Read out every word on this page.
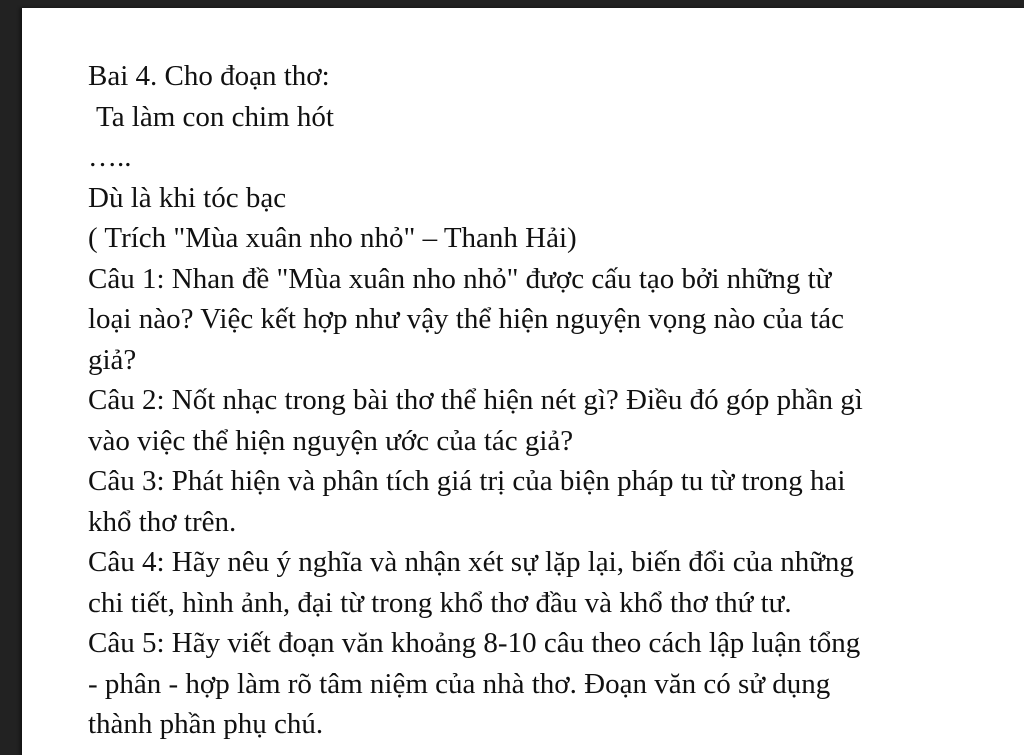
Bai 4. Cho đoạn thơ:
Ta làm con chim hót
…..
Dù là khi tóc bạc
( Trích "Mùa xuân nho nhỏ" – Thanh Hải)
Câu 1: Nhan đề "Mùa xuân nho nhỏ" được cấu tạo bởi những từ
loại nào? Việc kết hợp như vậy thể hiện nguyện vọng nào của tác
giả?
Câu 2: Nốt nhạc trong bài thơ thể hiện nét gì? Điều đó góp phần gì
vào việc thể hiện nguyện ước của tác giả?
Câu 3: Phát hiện và phân tích giá trị của biện pháp tu từ trong hai
khổ thơ trên.
Câu 4: Hãy nêu ý nghĩa và nhận xét sự lặp lại, biến đổi của những
chi tiết, hình ảnh, đại từ trong khổ thơ đầu và khổ thơ thứ tư.
Câu 5: Hãy viết đoạn văn khoảng 8-10 câu theo cách lập luận tổng
- phân - hợp làm rõ tâm niệm của nhà thơ. Đoạn văn có sử dụng
thành phần phụ chú.
